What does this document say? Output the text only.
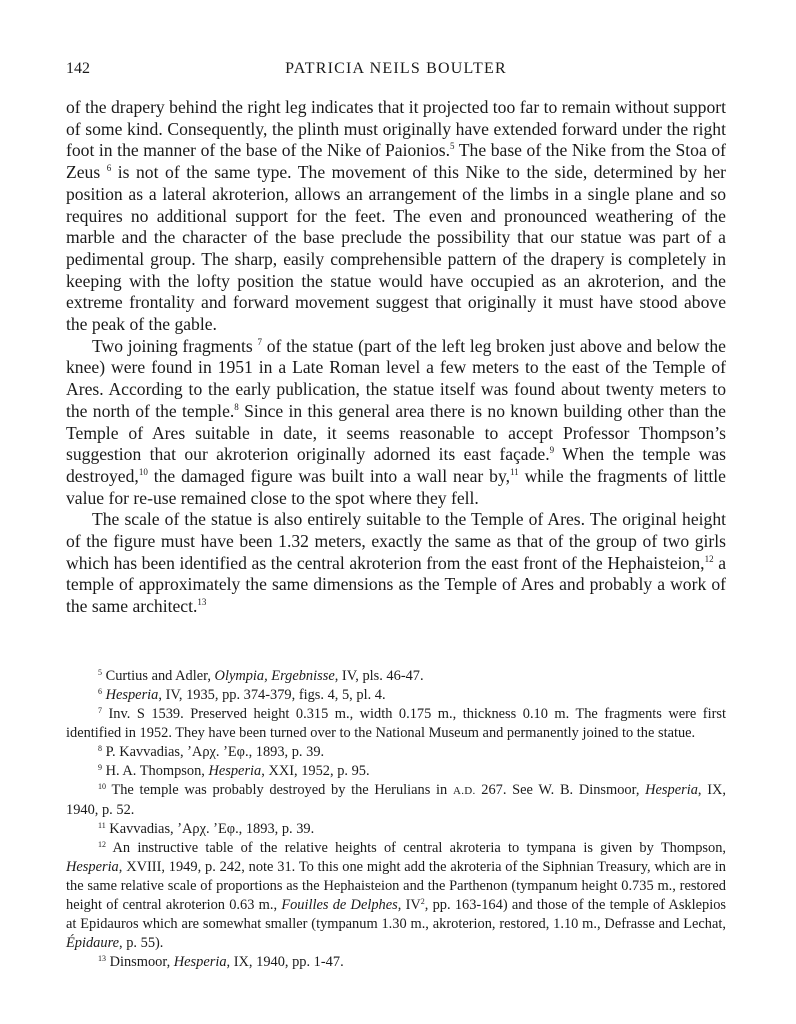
142	PATRICIA NEILS BOULTER

of the drapery behind the right leg indicates that it projected too far to remain without support of some kind. Consequently, the plinth must originally have extended forward under the right foot in the manner of the base of the Nike of Paionios.$^5$ The base of the Nike from the Stoa of Zeus $^6$ is not of the same type. The movement of this Nike to the side, determined by her position as a lateral akroterion, allows an arrangement of the limbs in a single plane and so requires no additional support for the feet. The even and pronounced weathering of the marble and the character of the base preclude the possibility that our statue was part of a pedimental group. The sharp, easily comprehensible pattern of the drapery is completely in keeping with the lofty position the statue would have occupied as an akroterion, and the extreme frontality and forward movement suggest that originally it must have stood above the peak of the gable.

Two joining fragments $^7$ of the statue (part of the left leg broken just above and below the knee) were found in 1951 in a Late Roman level a few meters to the east of the Temple of Ares. According to the early publication, the statue itself was found about twenty meters to the north of the temple.$^8$ Since in this general area there is no known building other than the Temple of Ares suitable in date, it seems reasonable to accept Professor Thompson’s suggestion that our akroterion originally adorned its east façade.$^9$ When the temple was destroyed,$^{10}$ the damaged figure was built into a wall near by,$^{11}$ while the fragments of little value for re-use remained close to the spot where they fell.

The scale of the statue is also entirely suitable to the Temple of Ares. The original height of the figure must have been 1.32 meters, exactly the same as that of the group of two girls which has been identified as the central akroterion from the east front of the Hephaisteion,$^{12}$ a temple of approximately the same dimensions as the Temple of Ares and probably a work of the same architect.$^{13}$

$^5$ Curtius and Adler, Olympia, Ergebnisse, IV, pls. 46-47.

$^6$ Hesperia, IV, 1935, pp. 374-379, figs. 4, 5, pl. 4.

$^7$ Inv. S 1539. Preserved height 0.315 m., width 0.175 m., thickness 0.10 m. The fragments were first identified in 1952. They have been turned over to the National Museum and permanently joined to the statue.

$^8$ P. Kavvadias, ʼΑρχ. ʼΕφ., 1893, p. 39.

$^9$ H. A. Thompson, Hesperia, XXI, 1952, p. 95.

$^{10}$ The temple was probably destroyed by the Herulians in A.D. 267. See W. B. Dinsmoor, Hesperia, IX, 1940, p. 52.

$^{11}$ Kavvadias, ʼΑρχ. ʼΕφ., 1893, p. 39.

$^{12}$ An instructive table of the relative heights of central akroteria to tympana is given by Thompson, Hesperia, XVIII, 1949, p. 242, note 31. To this one might add the akroteria of the Siphnian Treasury, which are in the same relative scale of proportions as the Hephaisteion and the Parthenon (tympanum height 0.735 m., restored height of central akroterion 0.63 m., Fouilles de Delphes, $IV^2$, pp. 163-164) and those of the temple of Asklepios at Epidauros which are somewhat smaller (tympanum 1.30 m., akroterion, restored, 1.10 m., Defrasse and Lechat, Épidaure, p. 55).

$^{13}$ Dinsmoor, Hesperia, IX, 1940, pp. 1-47.
